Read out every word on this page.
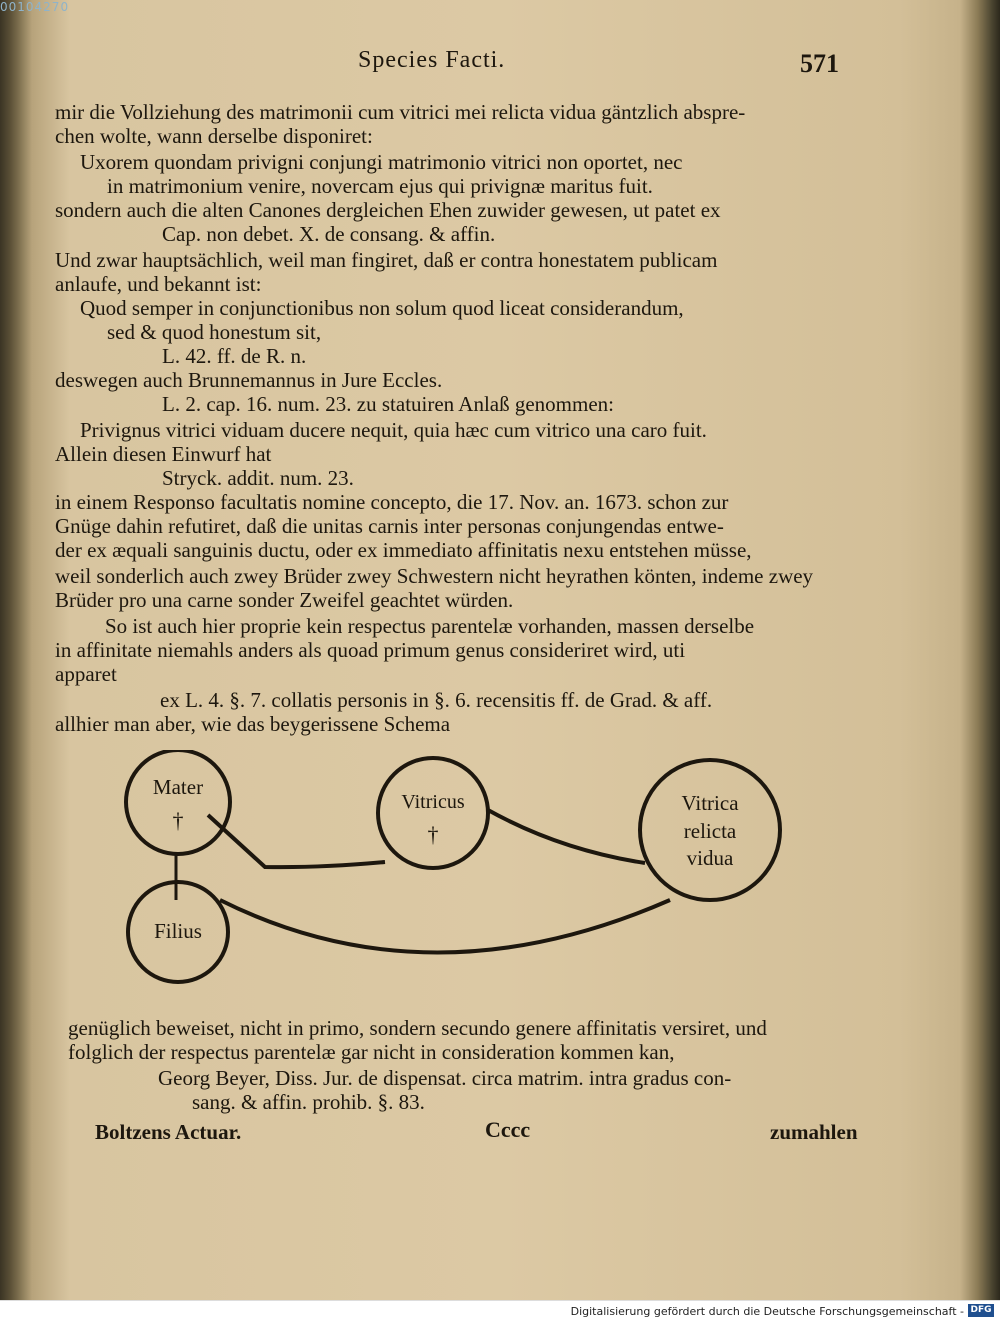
00104270
Species Facti.	571
mir die Vollziehung des matrimonii cum vitrici mei relicta vidua gäntzlich abspre-
chen wolte, wann derselbe disponiret:
Uxorem quondam privigni conjungi matrimonio vitrici non oportet, nec
in matrimonium venire, novercam ejus qui privignæ maritus fuit.
sondern auch die alten Canones dergleichen Ehen zuwider gewesen, ut patet ex
Cap. non debet. X. de consang. & affin.
Und zwar hauptsächlich, weil man fingiret, daß er contra honestatem publicam
anlaufe, und bekannt ist:
Quod semper in conjunctionibus non solum quod liceat considerandum,
sed & quod honestum sit,
L. 42. ff. de R. n.
deswegen auch Brunnemannus in Jure Eccles.
L. 2. cap. 16. num. 23. zu statuiren Anlaß genommen:
Privignus vitrici viduam ducere nequit, quia hæc cum vitrico una caro fuit.
Allein diesen Einwurf hat
Stryck. addit. num. 23.
in einem Responso facultatis nomine concepto, die 17. Nov. an. 1673. schon zur
Gnüge dahin refutiret, daß die unitas carnis inter personas conjungendas entwe-
der ex æquali sanguinis ductu, oder ex immediato affinitatis nexu entstehen müsse,
weil sonderlich auch zwey Brüder zwey Schwestern nicht heyrathen könten, indeme zwey
Brüder pro una carne sonder Zweifel geachtet würden.
So ist auch hier proprie kein respectus parentelæ vorhanden, massen derselbe
in affinitate niemahls anders als quoad primum genus consideriret wird, uti
apparet
ex L. 4. §. 7. collatis personis in §. 6. recensitis ff. de Grad. & aff.
allhier man aber, wie das beygerissene Schema
genüglich beweiset, nicht in primo, sondern secundo genere affinitatis versiret, und
folglich der respectus parentelæ gar nicht in consideration kommen kan,
Georg Beyer, Diss. Jur. de dispensat. circa matrim. intra gradus con-
sang. & affin. prohib. §. 83.
Mater
†
Vitricus
†
Vitrica
relicta
vidua
Filius
Boltzens Actuar.	Cccc	zumahlen
Digitalisierung gefördert durch die Deutsche Forschungsgemeinschaft - DFG
